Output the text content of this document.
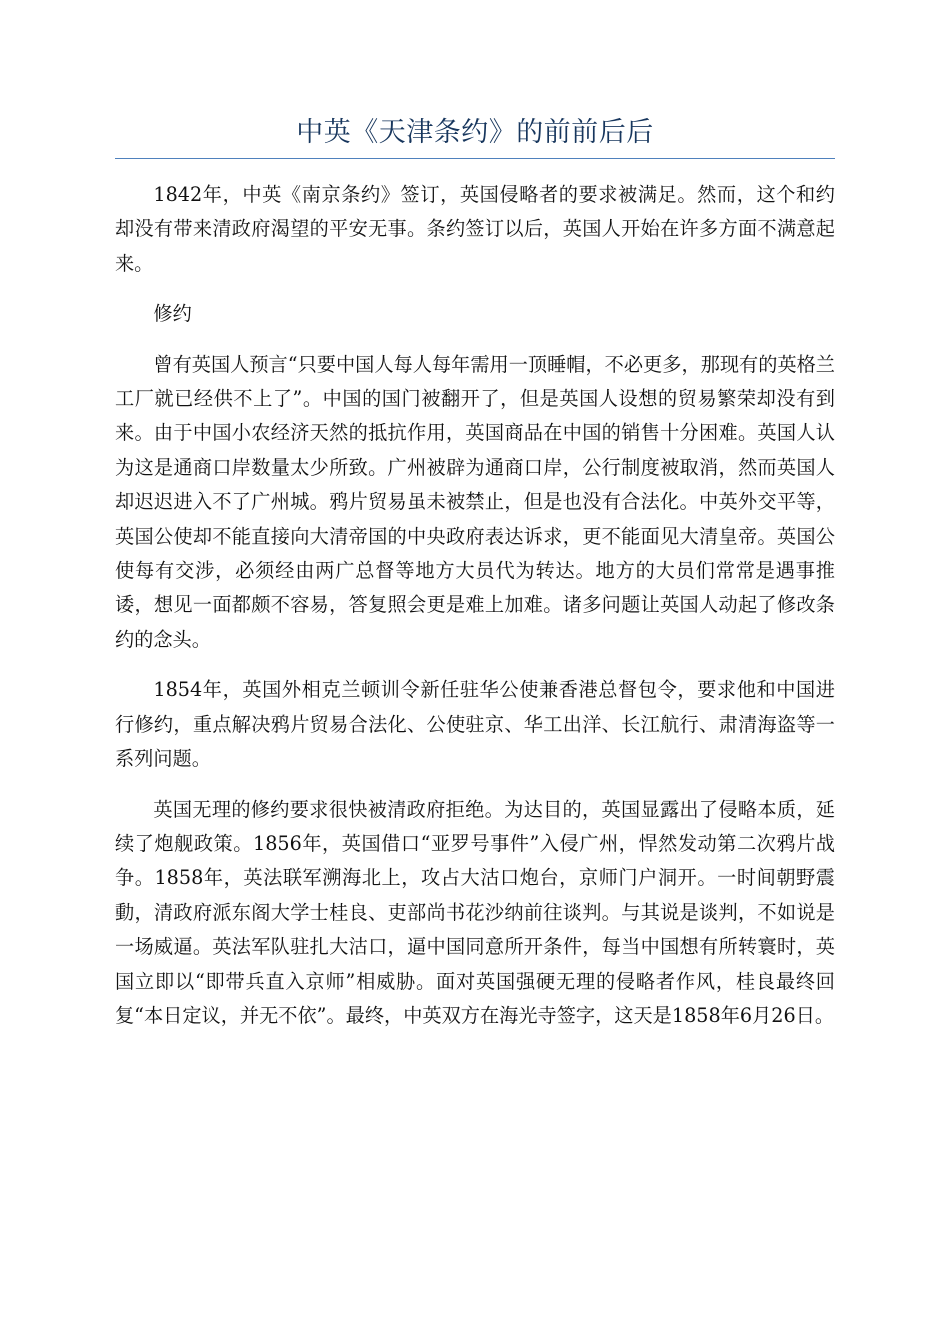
中英《天津条约》的前前后后

1842年，中英《南京条约》签订，英国侵略者的要求被满足。然而，这个和约却没有带来清政府渴望的平安无事。条约签订以后，英国人开始在许多方面不满意起来。

修约

曾有英国人预言“只要中国人每人每年需用一顶睡帽，不必更多，那现有的英格兰工厂就已经供不上了”。中国的国门被翻开了，但是英国人设想的贸易繁荣却没有到来。由于中国小农经济天然的抵抗作用，英国商品在中国的销售十分困难。英国人认为这是通商口岸数量太少所致。广州被辟为通商口岸，公行制度被取消，然而英国人却迟迟进入不了广州城。鸦片贸易虽未被禁止，但是也没有合法化。中英外交平等，英国公使却不能直接向大清帝国的中央政府表达诉求，更不能面见大清皇帝。英国公使每有交涉，必须经由两广总督等地方大员代为转达。地方的大员们常常是遇事推诿，想见一面都颇不容易，答复照会更是难上加难。诸多问题让英国人动起了修改条约的念头。

1854年，英国外相克兰顿训令新任驻华公使兼香港总督包令，要求他和中国进行修约，重点解决鸦片贸易合法化、公使驻京、华工出洋、长江航行、肃清海盗等一系列问题。

英国无理的修约要求很快被清政府拒绝。为达目的，英国显露出了侵略本质，延续了炮舰政策。1856年，英国借口“亚罗号事件”入侵广州，悍然发动第二次鸦片战争。1858年，英法联军溯海北上，攻占大沽口炮台，京师门户洞开。一时间朝野震動，清政府派东阁大学士桂良、吏部尚书花沙纳前往谈判。与其说是谈判，不如说是一场威逼。英法军队驻扎大沽口，逼中国同意所开条件，每当中国想有所转寰时，英国立即以“即带兵直入京师”相威胁。面对英国强硬无理的侵略者作风，桂良最终回复“本日定议，并无不依”。最终，中英双方在海光寺签字，这天是1858年6月26日。
